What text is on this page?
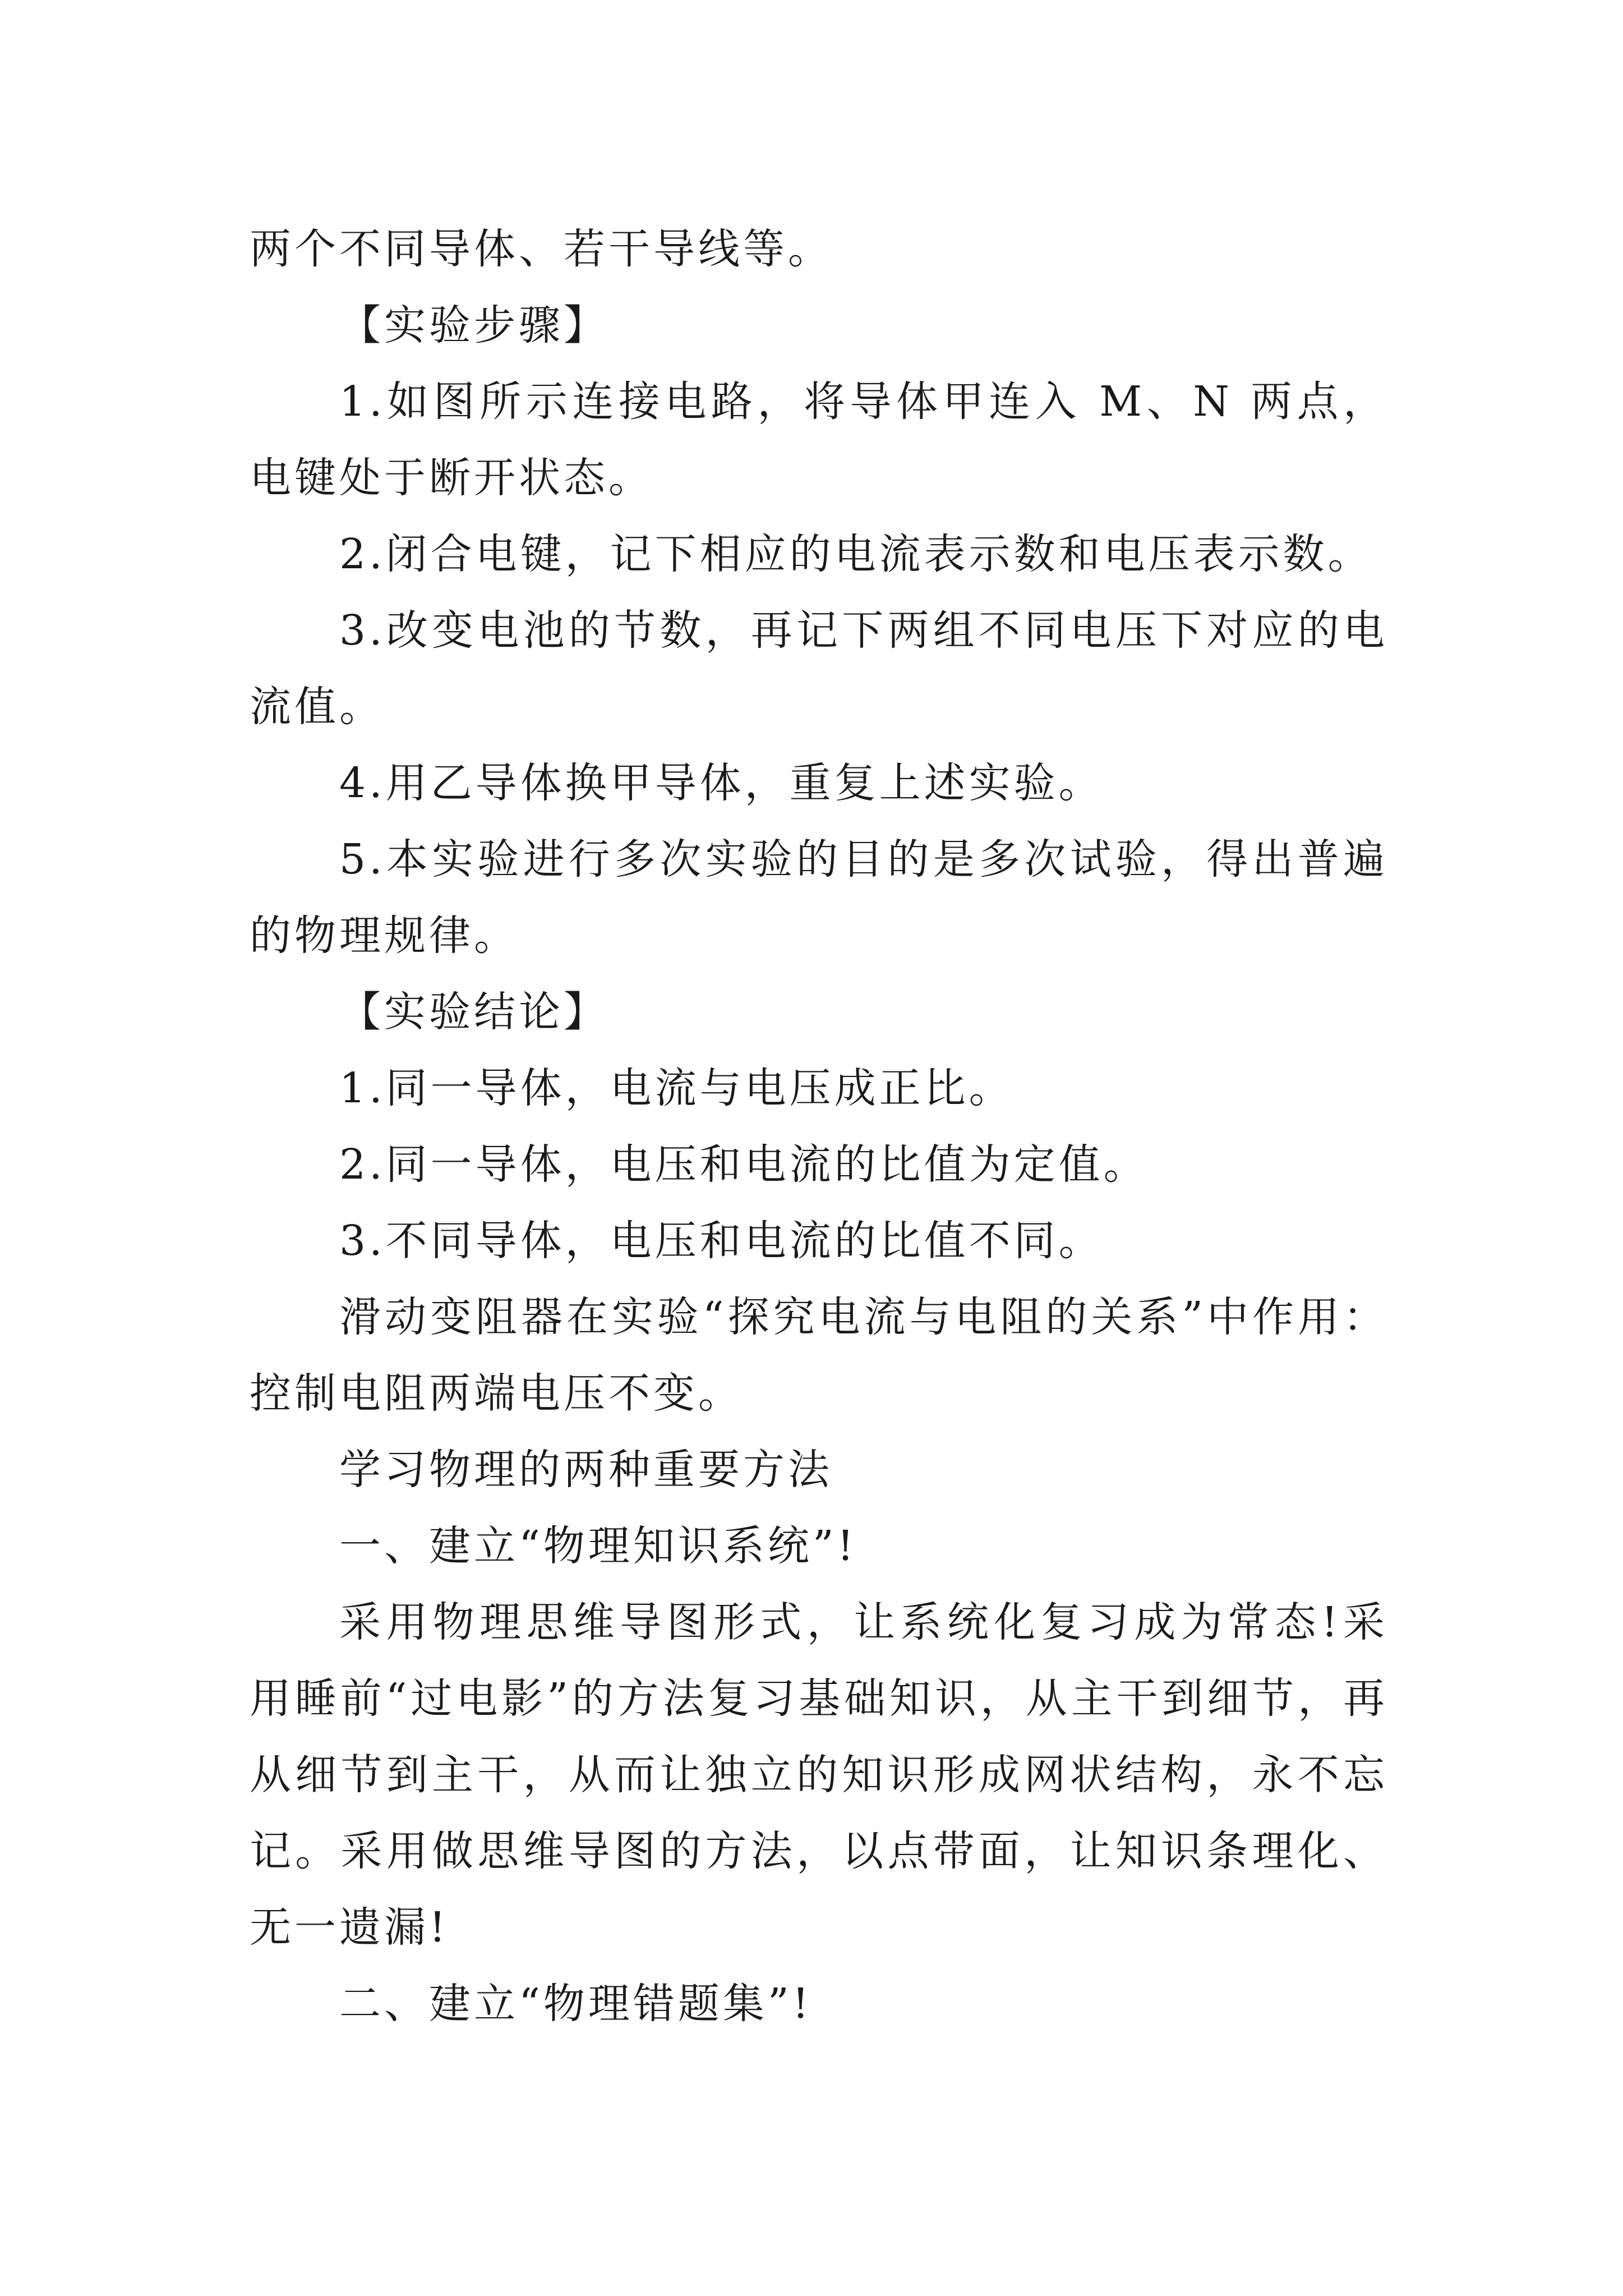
两个不同导体、若干导线等。

【实验步骤】

1.如图所示连接电路，将导体甲连入 M、N 两点，电键处于断开状态。

2.闭合电键，记下相应的电流表示数和电压表示数。

3.改变电池的节数，再记下两组不同电压下对应的电流值。

4.用乙导体换甲导体，重复上述实验。

5.本实验进行多次实验的目的是多次试验，得出普遍的物理规律。

【实验结论】

1.同一导体，电流与电压成正比。

2.同一导体，电压和电流的比值为定值。

3.不同导体，电压和电流的比值不同。

滑动变阻器在实验“探究电流与电阻的关系”中作用：控制电阻两端电压不变。

学习物理的两种重要方法

一、建立“物理知识系统”!

采用物理思维导图形式，让系统化复习成为常态!采用睡前“过电影”的方法复习基础知识，从主干到细节，再从细节到主干，从而让独立的知识形成网状结构，永不忘记。采用做思维导图的方法，以点带面，让知识条理化、无一遗漏!

二、建立“物理错题集”!
